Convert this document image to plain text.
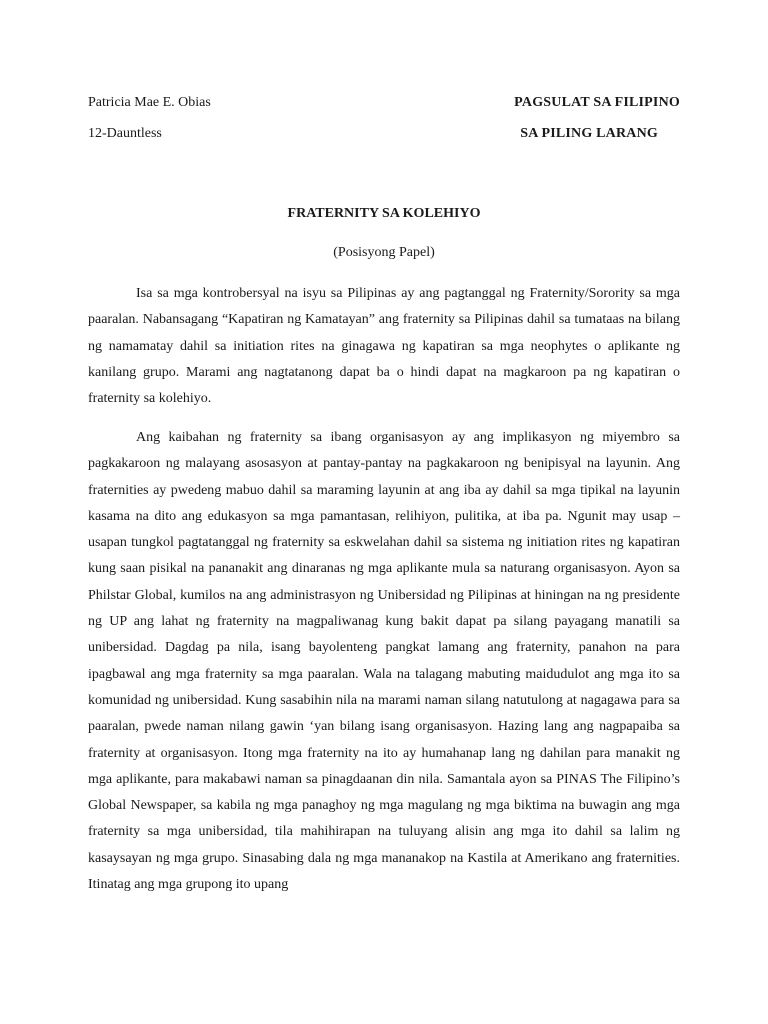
Patricia Mae E. Obias	PAGSULAT SA FILIPINO
12-Dauntless	SA PILING LARANG
FRATERNITY SA KOLEHIYO
(Posisyong Papel)

Isa sa mga kontrobersyal na isyu sa Pilipinas ay ang pagtanggal ng Fraternity/Sorority sa mga paaralan. Nabansagang “Kapatiran ng Kamatayan” ang fraternity sa Pilipinas dahil sa tumataas na bilang ng namamatay dahil sa initiation rites na ginagawa ng kapatiran sa mga neophytes o aplikante ng kanilang grupo. Marami ang nagtatanong dapat ba o hindi dapat na magkaroon pa ng kapatiran o fraternity sa kolehiyo.

Ang kaibahan ng fraternity sa ibang organisasyon ay ang implikasyon ng miyembro sa pagkakaroon ng malayang asosasyon at pantay-pantay na pagkakaroon ng benipisyal na layunin. Ang fraternities ay pwedeng mabuo dahil sa maraming layunin at ang iba ay dahil sa mga tipikal na layunin kasama na dito ang edukasyon sa mga pamantasan, relihiyon, pulitika, at iba pa. Ngunit may usap – usapan tungkol pagtatanggal ng fraternity sa eskwelahan dahil sa sistema ng initiation rites ng kapatiran kung saan pisikal na pananakit ang dinaranas ng mga aplikante mula sa naturang organisasyon. Ayon sa Philstar Global, kumilos na ang administrasyon ng Unibersidad ng Pilipinas at hiningan na ng presidente ng UP ang lahat ng fraternity na magpaliwanag kung bakit dapat pa silang payagang manatili sa unibersidad. Dagdag pa nila, isang bayolenteng pangkat lamang ang fraternity, panahon na para ipagbawal ang mga fraternity sa mga paaralan. Wala na talagang mabuting maidudulot ang mga ito sa komunidad ng unibersidad. Kung sasabihin nila na marami naman silang natutulong at nagagawa para sa paaralan, pwede naman nilang gawin ‘yan bilang isang organisasyon. Hazing lang ang nagpapaiba sa fraternity at organisasyon. Itong mga fraternity na ito ay humahanap lang ng dahilan para manakit ng mga aplikante, para makabawi naman sa pinagdaanan din nila. Samantala ayon sa PINAS The Filipino’s Global Newspaper, sa kabila ng mga panaghoy ng mga magulang ng mga biktima na buwagin ang mga fraternity sa mga unibersidad, tila mahihirapan na tuluyang alisin ang mga ito dahil sa lalim ng kasaysayan ng mga grupo. Sinasabing dala ng mga mananakop na Kastila at Amerikano ang fraternities. Itinatag ang mga grupong ito upang
